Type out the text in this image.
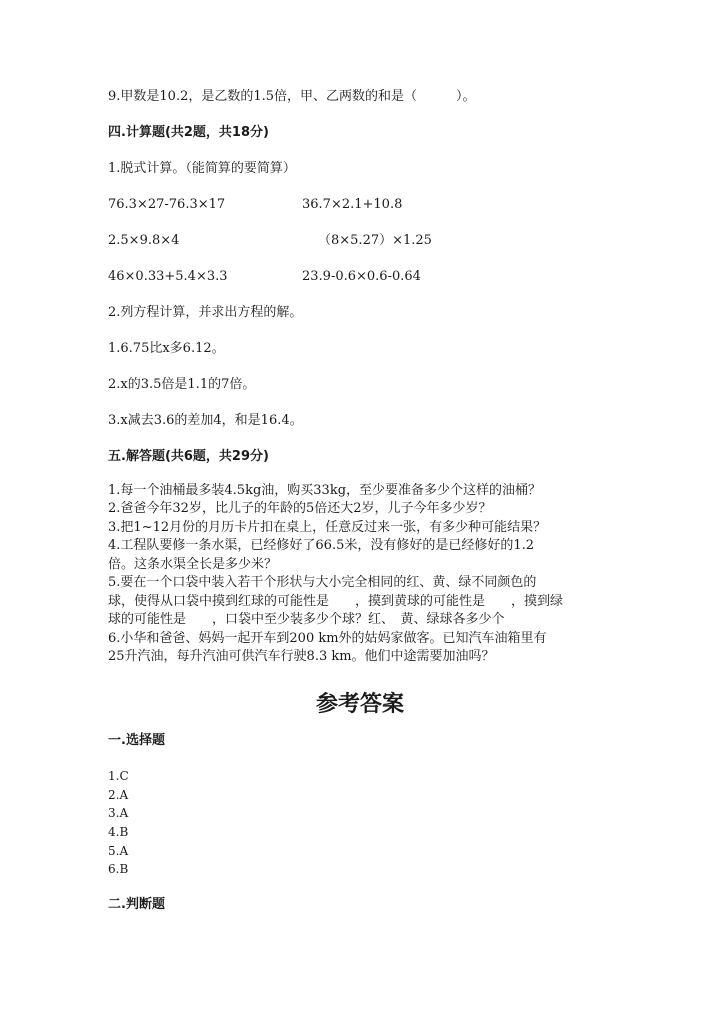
9.甲数是10.2，是乙数的1.5倍，甲、乙两数的和是（　　　）。
四.计算题(共2题，共18分)
1.脱式计算。（能简算的要简算）
76.3×27-76.3×17	36.7×2.1+10.8
2.5×9.8×4	（8×5.27）×1.25
46×0.33+5.4×3.3	23.9-0.6×0.6-0.64
2.列方程计算，并求出方程的解。
1.6.75比x多6.12。
2.x的3.5倍是1.1的7倍。
3.x减去3.6的差加4，和是16.4。
五.解答题(共6题，共29分)
1.每一个油桶最多装4.5kg油，购买33kg，至少要准备多少个这样的油桶？
2.爸爸今年32岁，比儿子的年龄的5倍还大2岁，儿子今年多少岁？
3.把1~12月份的月历卡片扣在桌上，任意反过来一张，有多少种可能结果？
4.工程队要修一条水渠，已经修好了66.5米，没有修好的是已经修好的1.2
倍。这条水渠全长是多少米？
5.要在一个口袋中装入若干个形状与大小完全相同的红、黄、绿不同颜色的
球，使得从口袋中摸到红球的可能性是　　，摸到黄球的可能性是　　，摸到绿
球的可能性是　　，口袋中至少装多少个球？红、　黄、绿球各多少个
6.小华和爸爸、妈妈一起开车到200 km外的姑妈家做客。已知汽车油箱里有
25升汽油，每升汽油可供汽车行驶8.3 km。他们中途需要加油吗？
参考答案
一.选择题
1.C
2.A
3.A
4.B
5.A
6.B
二.判断题
